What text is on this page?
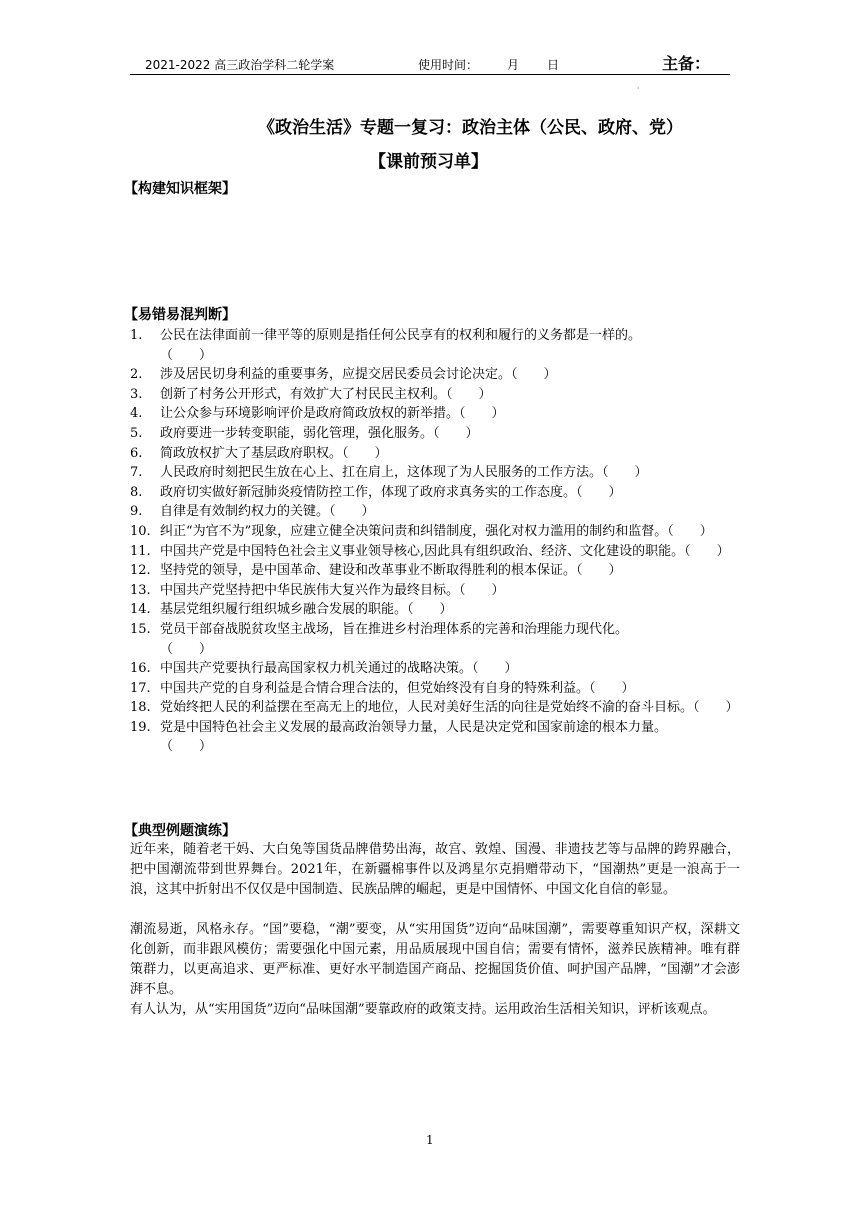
2021-2022 高三政治学科二轮学案	使用时间： 月 日	主备：
·
《政治生活》专题一复习：政治主体（公民、政府、党）
【课前预习单】
【构建知识框架】
【易错易混判断】
1.	公民在法律面前一律平等的原则是指任何公民享有的权利和履行的义务都是一样的。
（　　）
2.	涉及居民切身利益的重要事务，应提交居民委员会讨论决定。（　　）
3.	创新了村务公开形式，有效扩大了村民民主权利。（　　）
4.	让公众参与环境影响评价是政府简政放权的新举措。（　　）
5.	政府要进一步转变职能，弱化管理，强化服务。（　　）
6.	简政放权扩大了基层政府职权。（　　）
7.	人民政府时刻把民生放在心上、扛在肩上，这体现了为人民服务的工作方法。（　　）
8.	政府切实做好新冠肺炎疫情防控工作，体现了政府求真务实的工作态度。（　　）
9.	自律是有效制约权力的关键。（　　）
10. 纠正“为官不为”现象，应建立健全决策问责和纠错制度，强化对权力滥用的制约和监督。（　　）
11. 中国共产党是中国特色社会主义事业领导核心,因此具有组织政治、经济、文化建设的职能。（　　）
12. 坚持党的领导，是中国革命、建设和改革事业不断取得胜利的根本保证。（　　）
13. 中国共产党坚持把中华民族伟大复兴作为最终目标。（　　）
14. 基层党组织履行组织城乡融合发展的职能。（　　）
15. 党员干部奋战脱贫攻坚主战场，旨在推进乡村治理体系的完善和治理能力现代化。
（　　）
16. 中国共产党要执行最高国家权力机关通过的战略决策。（　　）
17. 中国共产党的自身利益是合情合理合法的，但党始终没有自身的特殊利益。（　　）
18. 党始终把人民的利益摆在至高无上的地位，人民对美好生活的向往是党始终不渝的奋斗目标。（　　）
19. 党是中国特色社会主义发展的最高政治领导力量，人民是决定党和国家前途的根本力量。
（　　）
【典型例题演练】
近年来，随着老干妈、大白兔等国货品牌借势出海，故宫、敦煌、国漫、非遗技艺等与品牌的跨界融合，把中国潮流带到世界舞台。2021年，在新疆棉事件以及鸿星尔克捐赠带动下，“国潮热”更是一浪高于一浪，这其中折射出不仅仅是中国制造、民族品牌的崛起，更是中国情怀、中国文化自信的彰显。
潮流易逝，风格永存。“国”要稳，“潮”要变，从“实用国货”迈向“品味国潮”，需要尊重知识产权，深耕文化创新，而非跟风模仿；需要强化中国元素，用品质展现中国自信；需要有情怀，滋养民族精神。唯有群策群力，以更高追求、更严标准、更好水平制造国产商品、挖掘国货价值、呵护国产品牌，“国潮”才会澎湃不息。
有人认为，从“实用国货”迈向“品味国潮”要靠政府的政策支持。运用政治生活相关知识，评析该观点。
1
